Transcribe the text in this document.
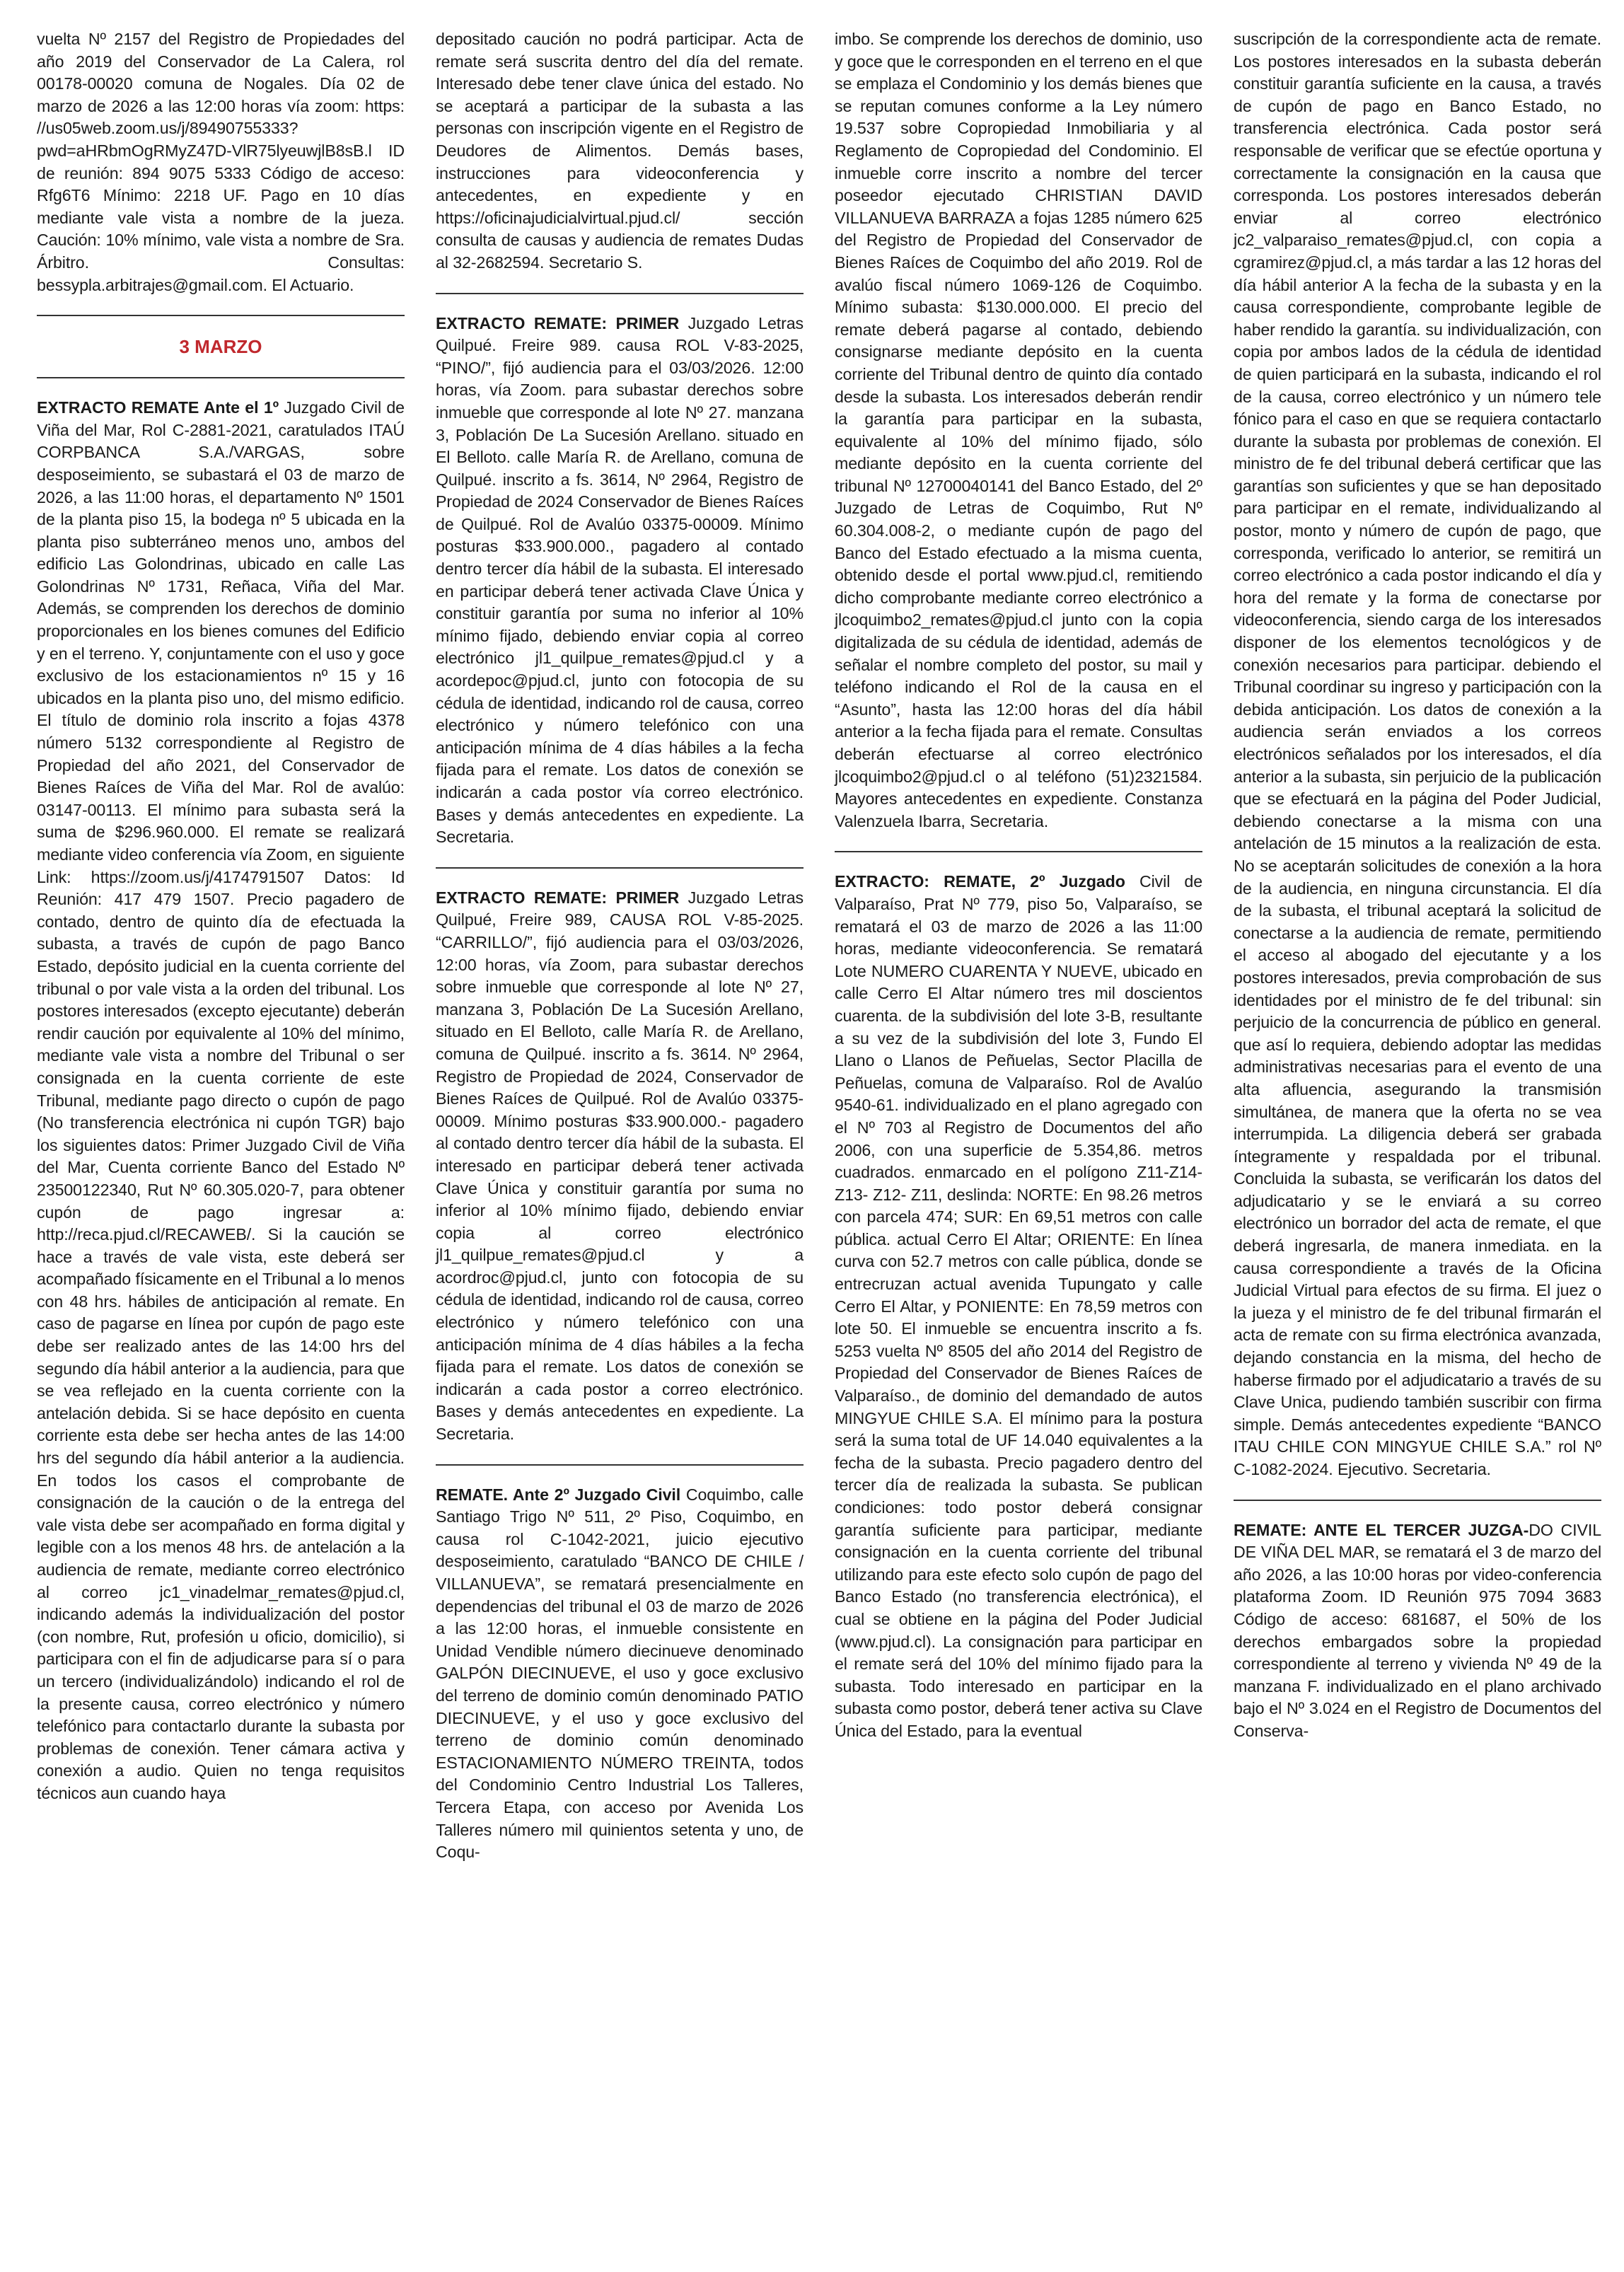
vuelta Nº 2157 del Registro de Propiedades del año 2019 del Conservador de La Calera, rol 00178-00020 comuna de Nogales. Día 02 de marzo de 2026 a las 12:00 horas vía zoom: https: //us05web.zoom.us/j/89490755333?pwd=aHRbmOgRMyZ47D-VlR75lyeuwjlB8sB.l ID de reunión: 894 9075 5333 Código de acceso: Rfg6T6 Mínimo: 2218 UF. Pago en 10 días mediante vale vista a nombre de la jueza. Caución: 10% mínimo, vale vista a nombre de Sra. Árbitro. Consultas: bessypla.arbitrajes@gmail.com. El Actuario.

3 MARZO

EXTRACTO REMATE Ante el 1º Juzgado Civil de Viña del Mar, Rol C-2881-2021, caratulados ITAÚ CORPBANCA S.A./VARGAS, sobre desposeimiento, se subastará el 03 de marzo de 2026, a las 11:00 horas, el departamento Nº 1501 de la planta piso 15, la bodega nº 5 ubicada en la planta piso subterráneo menos uno, ambos del edificio Las Golondrinas, ubicado en calle Las Golondrinas Nº 1731, Reñaca, Viña del Mar. Además, se comprenden los derechos de dominio proporcionales en los bienes comunes del Edificio y en el terreno. Y, conjuntamente con el uso y goce exclusivo de los estacionamientos nº 15 y 16 ubicados en la planta piso uno, del mismo edificio. El título de dominio rola inscrito a fojas 4378 número 5132 correspondiente al Registro de Propiedad del año 2021, del Conservador de Bienes Raíces de Viña del Mar. Rol de avalúo: 03147-00113. El mínimo para subasta será la suma de $296.960.000. El remate se realizará mediante video conferencia vía Zoom, en siguiente Link: https://zoom.us/j/4174791507 Datos: Id Reunión: 417 479 1507. Precio pagadero de contado, dentro de quinto día de efectuada la subasta, a través de cupón de pago Banco Estado, depósito judicial en la cuenta corriente del tribunal o por vale vista a la orden del tribunal. Los postores interesados (excepto ejecutante) deberán rendir caución por equivalente al 10% del mínimo, mediante vale vista a nombre del Tribunal o ser consignada en la cuenta corriente de este Tribunal, mediante pago directo o cupón de pago (No transferencia electrónica ni cupón TGR) bajo los siguientes datos: Primer Juzgado Civil de Viña del Mar, Cuenta corriente Banco del Estado Nº 23500122340, Rut Nº 60.305.020-7, para obtener cupón de pago ingresar a: http://reca.pjud.cl/RECAWEB/. Si la caución se hace a través de vale vista, este deberá ser acompañado físicamente en el Tribunal a lo menos con 48 hrs. hábiles de anticipación al remate. En caso de pagarse en línea por cupón de pago este debe ser realizado antes de las 14:00 hrs del segundo día hábil anterior a la audiencia, para que se vea reflejado en la cuenta corriente con la antelación debida. Si se hace depósito en cuenta corriente esta debe ser hecha antes de las 14:00 hrs del segundo día hábil anterior a la audiencia. En todos los casos el comprobante de consignación de la caución o de la entrega del vale vista debe ser acompañado en forma digital y legible con a los menos 48 hrs. de antelación a la audiencia de remate, mediante correo electrónico al correo jc1_vinadelmar_remates@pjud.cl, indicando además la individualización del postor (con nombre, Rut, profesión u oficio, domicilio), si participara con el fin de adjudicarse para sí o para un tercero (individualizándolo) indicando el rol de la presente causa, correo electrónico y número telefónico para contactarlo durante la subasta por problemas de conexión. Tener cámara activa y conexión a audio. Quien no tenga requisitos técnicos aun cuando haya

depositado caución no podrá participar. Acta de remate será suscrita dentro del día del remate. Interesado debe tener clave única del estado. No se aceptará a participar de la subasta a las personas con inscripción vigente en el Registro de Deudores de Alimentos. Demás bases, instrucciones para videoconferencia y antecedentes, en expediente y en https://oficinajudicialvirtual.pjud.cl/ sección consulta de causas y audiencia de remates Dudas al 32-2682594. Secretario S.

EXTRACTO REMATE: PRIMER Juzgado Letras Quilpué. Freire 989. causa ROL V-83-2025, “PINO/”, fijó audiencia para el 03/03/2026. 12:00 horas, vía Zoom. para subastar derechos sobre inmueble que corresponde al lote Nº 27. manzana 3, Población De La Sucesión Arellano. situado en El Belloto. calle María R. de Arellano, comuna de Quilpué. inscrito a fs. 3614, Nº 2964, Registro de Propiedad de 2024 Conservador de Bienes Raíces de Quilpué. Rol de Avalúo 03375-00009. Mínimo posturas $33.900.000., pagadero al contado dentro tercer día hábil de la subasta. El interesado en participar deberá tener activada Clave Única y constituir garantía por suma no inferior al 10% mínimo fijado, debiendo enviar copia al correo electrónico jl1_quilpue_remates@pjud.cl y a acordeроc@pjud.cl, junto con fotocopia de su cédula de identidad, indicando rol de causa, correo electrónico y número telefónico con una anticipación mínima de 4 días hábiles a la fecha fijada para el remate. Los datos de conexión se indicarán a cada postor vía correo electrónico. Bases y demás antecedentes en expediente. La Secretaria.

EXTRACTO REMATE: PRIMER Juzgado Letras Quilpué, Freire 989, CAUSA ROL V-85-2025. “CARRILLO/”, fijó audiencia para el 03/03/2026, 12:00 horas, vía Zoom, para subastar derechos sobre inmueble que corresponde al lote Nº 27, manzana 3, Población De La Sucesión Arellano, situado en El Belloto, calle María R. de Arellano, comuna de Quilpué. inscrito a fs. 3614. Nº 2964, Registro de Propiedad de 2024, Conservador de Bienes Raíces de Quilpué. Rol de Avalúo 03375-00009. Mínimo posturas $33.900.000.- pagadero al contado dentro tercer día hábil de la subasta. El interesado en participar deberá tener activada Clave Única y constituir garantía por suma no inferior al 10% mínimo fijado, debiendo enviar copia al correo electrónico jl1_quilpue_remates@pjud.cl y a acordroc@pjud.cl, junto con fotocopia de su cédula de identidad, indicando rol de causa, correo electrónico y número telefónico con una anticipación mínima de 4 días hábiles a la fecha fijada para el remate. Los datos de conexión se indicarán a cada postor a correo electrónico. Bases y demás antecedentes en expediente. La Secretaria.

REMATE. Ante 2º Juzgado Civil Coquimbo, calle Santiago Trigo Nº 511, 2º Piso, Coquimbo, en causa rol C-1042-2021, juicio ejecutivo desposeimiento, caratulado “BANCO DE CHILE / VILLANUEVA”, se rematará presencialmente en dependencias del tribunal el 03 de marzo de 2026 a las 12:00 horas, el inmueble consistente en Unidad Vendible número diecinueve denominado GALPÓN DIECINUEVE, el uso y goce exclusivo del terreno de dominio común denominado PATIO DIECINUEVE, y el uso y goce exclusivo del terreno de dominio común denominado ESTACIONAMIENTO NÚMERO TREINTA, todos del Condominio Centro Industrial Los Talleres, Tercera Etapa, con acceso por Avenida Los Talleres número mil quinientos setenta y uno, de Coqu-

imbo. Se comprende los derechos de dominio, uso y goce que le corresponden en el terreno en el que se emplaza el Condominio y los demás bienes que se reputan comunes conforme a la Ley número 19.537 sobre Copropiedad Inmobiliaria y al Reglamento de Copropiedad del Condominio. El inmueble corre inscrito a nombre del tercer poseedor ejecutado CHRISTIAN DAVID VILLANUEVA BARRAZA a fojas 1285 número 625 del Registro de Propiedad del Conservador de Bienes Raíces de Coquimbo del año 2019. Rol de avalúo fiscal número 1069-126 de Coquimbo. Mínimo subasta: $130.000.000. El precio del remate deberá pagarse al contado, debiendo consignarse mediante depósito en la cuenta corriente del Tribunal dentro de quinto día contado desde la subasta. Los interesados deberán rendir la garantía para participar en la subasta, equivalente al 10% del mínimo fijado, sólo mediante depósito en la cuenta corriente del tribunal Nº 12700040141 del Banco Estado, del 2º Juzgado de Letras de Coquimbo, Rut Nº 60.304.008-2, o mediante cupón de pago del Banco del Estado efectuado a la misma cuenta, obtenido desde el portal www.pjud.cl, remitiendo dicho comprobante mediante correo electrónico a jlcoquimbo2_remates@pjud.cl junto con la copia digitalizada de su cédula de identidad, además de señalar el nombre completo del postor, su mail y teléfono indicando el Rol de la causa en el “Asunto”, hasta las 12:00 horas del día hábil anterior a la fecha fijada para el remate. Consultas deberán efectuarse al correo electrónico jlcoquimbo2@pjud.cl o al teléfono (51)2321584. Mayores antecedentes en expediente. Constanza Valenzuela Ibarra, Secretaria.

EXTRACTO: REMATE, 2º Juzgado Civil de Valparaíso, Prat Nº 779, piso 5o, Valparaíso, se rematará el 03 de marzo de 2026 a las 11:00 horas, mediante videoconferencia. Se rematará Lote NUMERO CUARENTA Y NUEVE, ubicado en calle Cerro El Altar número tres mil doscientos cuarenta. de la subdivisión del lote 3-B, resultante a su vez de la subdivisión del lote 3, Fundo El Llano o Llanos de Peñuelas, Sector Placilla de Peñuelas, comuna de Valparaíso. Rol de Avalúo 9540-61. individualizado en el plano agregado con el Nº 703 al Registro de Documentos del año 2006, con una superficie de 5.354,86. metros cuadrados. enmarcado en el polígono Z11-Z14- Z13- Z12- Z11, deslinda: NORTE: En 98.26 metros con parcela 474; SUR: En 69,51 metros con calle pública. actual Cerro El Altar; ORIENTE: En línea curva con 52.7 metros con calle pública, donde se entrecruzan actual avenida Tupungato y calle Cerro El Altar, y PONIENTE: En 78,59 metros con lote 50. El inmueble se encuentra inscrito a fs. 5253 vuelta Nº 8505 del año 2014 del Registro de Propiedad del Conservador de Bienes Raíces de Valparaíso., de dominio del demandado de autos MINGYUE CHILE S.A. El mínimo para la postura será la suma total de UF 14.040 equivalentes a la fecha de la subasta. Precio pagadero dentro del tercer día de realizada la subasta. Se publican condiciones: todo postor deberá consignar garantía suficiente para participar, mediante consignación en la cuenta corriente del tribunal utilizando para este efecto solo cupón de pago del Banco Estado (no transferencia electrónica), el cual se obtiene en la página del Poder Judicial (www.pjud.cl). La consignación para participar en el remate será del 10% del mínimo fijado para la subasta. Todo interesado en participar en la subasta como postor, deberá tener activa su Clave Única del Estado, para la eventual

suscripción de la correspondiente acta de remate. Los postores interesados en la subasta deberán constituir garantía suficiente en la causa, a través de cupón de pago en Banco Estado, no transferencia electrónica. Cada postor será responsable de verificar que se efectúe oportuna y correctamente la consignación en la causa que corresponda. Los postores interesados deberán enviar al correo electrónico jc2_valparaiso_remates@pjud.cl, con copia a cgramirez@pjud.cl, a más tardar a las 12 horas del día hábil anterior A la fecha de la subasta y en la causa correspondiente, comprobante legible de haber rendido la garantía. su individualización, con copia por ambos lados de la cédula de identidad de quien participará en la subasta, indicando el rol de la causa, correo electrónico y un número tele fónico para el caso en que se requiera contactarlo durante la subasta por problemas de conexión. El ministro de fe del tribunal deberá certificar que las garantías son suficientes y que se han depositado para participar en el remate, individualizando al postor, monto y número de cupón de pago, que corresponda, verificado lo anterior, se remitirá un correo electrónico a cada postor indicando el día y hora del remate y la forma de conectarse por videoconferencia, siendo carga de los interesados disponer de los elementos tecnológicos y de conexión necesarios para participar. debiendo el Tribunal coordinar su ingreso y participación con la debida anticipación. Los datos de conexión a la audiencia serán enviados a los correos electrónicos señalados por los interesados, el día anterior a la subasta, sin perjuicio de la publicación que se efectuará en la página del Poder Judicial, debiendo conectarse a la misma con una antelación de 15 minutos a la realización de esta. No se aceptarán solicitudes de conexión a la hora de la audiencia, en ninguna circunstancia. El día de la subasta, el tribunal aceptará la solicitud de conectarse a la audiencia de remate, permitiendo el acceso al abogado del ejecutante y a los postores interesados, previa comprobación de sus identidades por el ministro de fe del tribunal: sin perjuicio de la concurrencia de público en general. que así lo requiera, debiendo adoptar las medidas administrativas necesarias para el evento de una alta afluencia, asegurando la transmisión simultánea, de manera que la oferta no se vea interrumpida. La diligencia deberá ser grabada íntegramente y respaldada por el tribunal. Concluida la subasta, se verificarán los datos del adjudicatario y se le enviará a su correo electrónico un borrador del acta de remate, el que deberá ingresarla, de manera inmediata. en la causa correspondiente a través de la Oficina Judicial Virtual para efectos de su firma. El juez o la jueza y el ministro de fe del tribunal firmarán el acta de remate con su firma electrónica avanzada, dejando constancia en la misma, del hecho de haberse firmado por el adjudicatario a través de su Clave Unica, pudiendo también suscribir con firma simple. Demás antecedentes expediente “BANCO ITAU CHILE CON MINGYUE CHILE S.A.” rol Nº C-1082-2024. Ejecutivo. Secretaria.

REMATE: ANTE EL TERCER JUZGA-DO CIVIL DE VIÑA DEL MAR, se rematará el 3 de marzo del año 2026, a las 10:00 horas por video-conferencia plataforma Zoom. ID Reunión 975 7094 3683 Código de acceso: 681687, el 50% de los derechos embargados sobre la propiedad correspondiente al terreno y vivienda Nº 49 de la manzana F. individualizado en el plano archivado bajo el Nº 3.024 en el Registro de Documentos del Conserva-
